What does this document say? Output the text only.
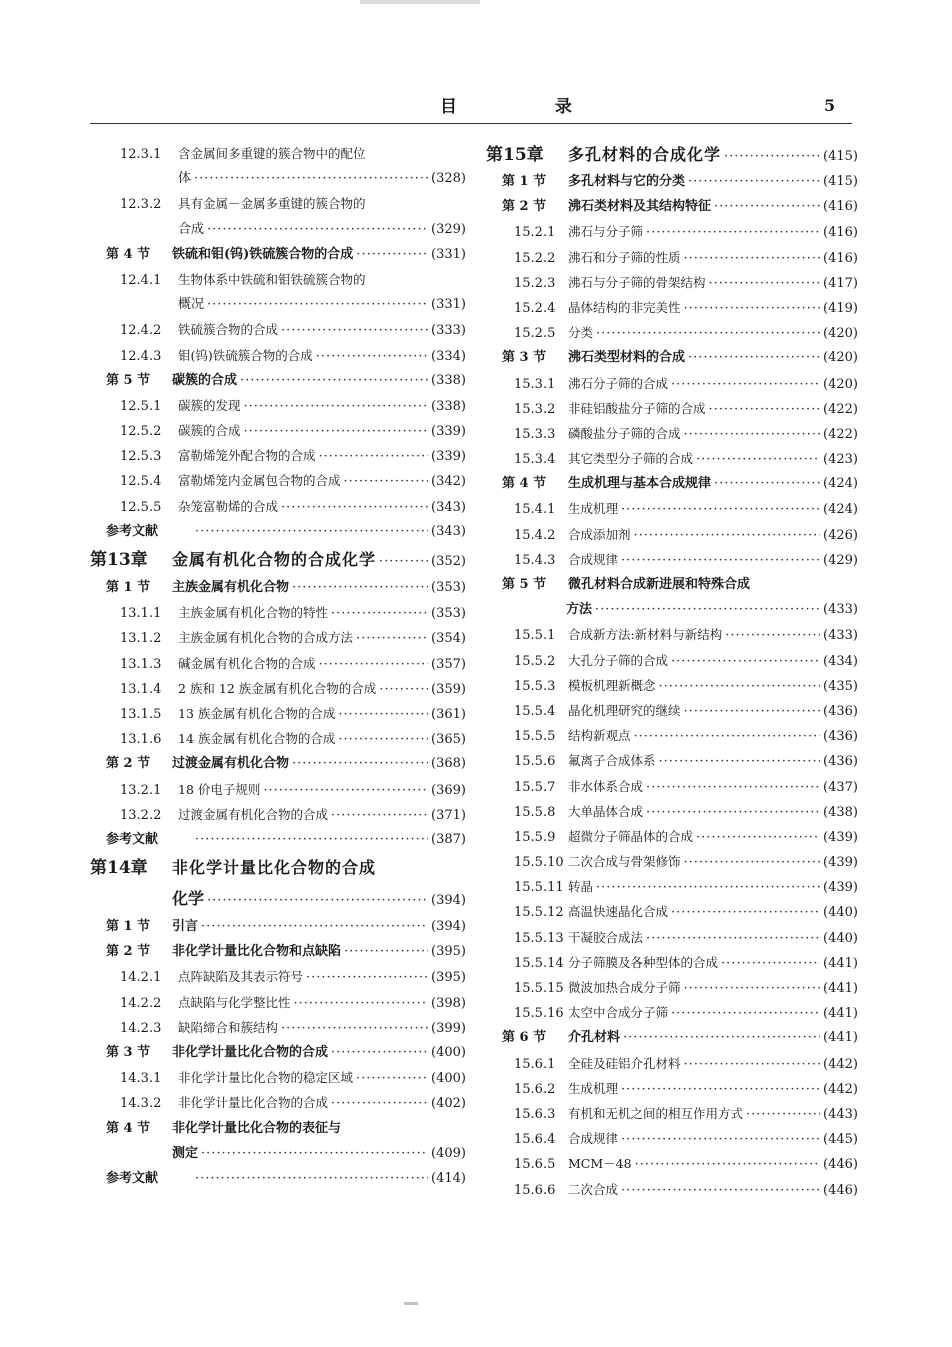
目 录	5
12.3.1	含金属间多重键的簇合物中的配位
体 ·····	(328)
12.3.2	具有金属－金属多重键的簇合物的
合成 ·····	(329)
第 4 节	铁硫和钼(钨)铁硫簇合物的合成 ·····	(331)
12.4.1	生物体系中铁硫和钼铁硫簇合物的
概况 ·····	(331)
12.4.2	铁硫簇合物的合成 ·····	(333)
12.4.3	钼(钨)铁硫簇合物的合成 ·····	(334)
第 5 节	碳簇的合成 ·····	(338)
12.5.1	碳簇的发现 ·····	(338)
12.5.2	碳簇的合成 ·····	(339)
12.5.3	富勒烯笼外配合物的合成 ·····	(339)
12.5.4	富勒烯笼内金属包合物的合成 ·····	(342)
12.5.5	杂笼富勒烯的合成 ·····	(343)
参考文献 ·····	(343)
第13章	金属有机化合物的合成化学 ·····	(352)
第 1 节	主族金属有机化合物 ·····	(353)
13.1.1	主族金属有机化合物的特性 ·····	(353)
13.1.2	主族金属有机化合物的合成方法 ·····	(354)
13.1.3	碱金属有机化合物的合成 ·····	(357)
13.1.4	2 族和 12 族金属有机化合物的合成 ·····	(359)
13.1.5	13 族金属有机化合物的合成 ·····	(361)
13.1.6	14 族金属有机化合物的合成 ·····	(365)
第 2 节	过渡金属有机化合物 ·····	(368)
13.2.1	18 价电子规则 ·····	(369)
13.2.2	过渡金属有机化合物的合成 ·····	(371)
参考文献 ·····	(387)
第14章	非化学计量比化合物的合成
化学 ·····	(394)
第 1 节	引言 ·····	(394)
第 2 节	非化学计量比化合物和点缺陷 ·····	(395)
14.2.1	点阵缺陷及其表示符号 ·····	(395)
14.2.2	点缺陷与化学整比性 ·····	(398)
14.2.3	缺陷缔合和簇结构 ·····	(399)
第 3 节	非化学计量比化合物的合成 ·····	(400)
14.3.1	非化学计量比化合物的稳定区域 ·····	(400)
14.3.2	非化学计量比化合物的合成 ·····	(402)
第 4 节	非化学计量比化合物的表征与
测定 ·····	(409)
参考文献 ·····	(414)
第15章	多孔材料的合成化学 ·····	(415)
第 1 节	多孔材料与它的分类 ·····	(415)
第 2 节	沸石类材料及其结构特征 ·····	(416)
15.2.1	沸石与分子筛 ·····	(416)
15.2.2	沸石和分子筛的性质 ·····	(416)
15.2.3	沸石与分子筛的骨架结构 ·····	(417)
15.2.4	晶体结构的非完美性 ·····	(419)
15.2.5	分类 ·····	(420)
第 3 节	沸石类型材料的合成 ·····	(420)
15.3.1	沸石分子筛的合成 ·····	(420)
15.3.2	非硅铝酸盐分子筛的合成 ·····	(422)
15.3.3	磷酸盐分子筛的合成 ·····	(422)
15.3.4	其它类型分子筛的合成 ·····	(423)
第 4 节	生成机理与基本合成规律 ·····	(424)
15.4.1	生成机理 ·····	(424)
15.4.2	合成添加剂 ·····	(426)
15.4.3	合成规律 ·····	(429)
第 5 节	微孔材料合成新进展和特殊合成
方法 ·····	(433)
15.5.1	合成新方法:新材料与新结构 ·····	(433)
15.5.2	大孔分子筛的合成 ·····	(434)
15.5.3	模板机理新概念 ·····	(435)
15.5.4	晶化机理研究的继续 ·····	(436)
15.5.5	结构新观点 ·····	(436)
15.5.6	氟离子合成体系 ·····	(436)
15.5.7	非水体系合成 ·····	(437)
15.5.8	大单晶体合成 ·····	(438)
15.5.9	超微分子筛晶体的合成 ·····	(439)
15.5.10 二次合成与骨架修饰 ·····	(439)
15.5.11 转晶 ·····	(439)
15.5.12 高温快速晶化合成 ·····	(440)
15.5.13 干凝胶合成法 ·····	(440)
15.5.14 分子筛膜及各种型体的合成 ·····	(441)
15.5.15 微波加热合成分子筛 ·····	(441)
15.5.16 太空中合成分子筛 ·····	(441)
第 6 节	介孔材料 ·····	(441)
15.6.1	全硅及硅铝介孔材料 ·····	(442)
15.6.2	生成机理 ·····	(442)
15.6.3	有机和无机之间的相互作用方式 ·····	(443)
15.6.4	合成规律 ·····	(445)
15.6.5	MCM－48 ·····	(446)
15.6.6	二次合成 ·····	(446)
